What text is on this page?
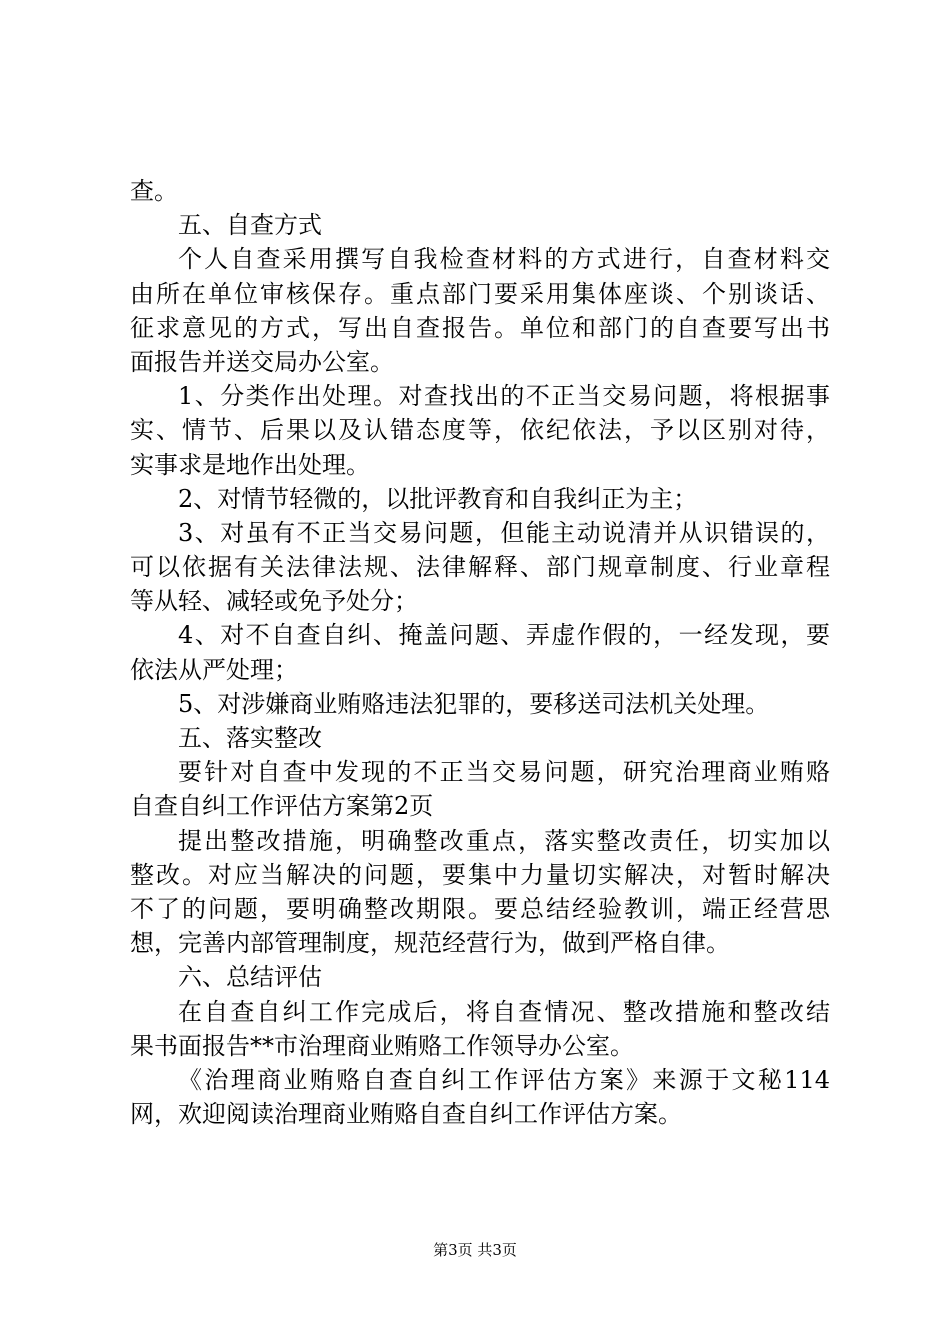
查。
五、自查方式
个人自查采用撰写自我检查材料的方式进行，自查材料交
由所在单位审核保存。重点部门要采用集体座谈、个别谈话、
征求意见的方式，写出自查报告。单位和部门的自查要写出书
面报告并送交局办公室。
1、分类作出处理。对查找出的不正当交易问题，将根据事
实、情节、后果以及认错态度等，依纪依法，予以区别对待，
实事求是地作出处理。
2、对情节轻微的，以批评教育和自我纠正为主；
3、对虽有不正当交易问题，但能主动说清并从识错误的，
可以依据有关法律法规、法律解释、部门规章制度、行业章程
等从轻、减轻或免予处分；
4、对不自查自纠、掩盖问题、弄虚作假的，一经发现，要
依法从严处理；
5、对涉嫌商业贿赂违法犯罪的，要移送司法机关处理。
五、落实整改
要针对自查中发现的不正当交易问题，研究治理商业贿赂
自查自纠工作评估方案第2页
提出整改措施，明确整改重点，落实整改责任，切实加以
整改。对应当解决的问题，要集中力量切实解决，对暂时解决
不了的问题，要明确整改期限。要总结经验教训，端正经营思
想，完善内部管理制度，规范经营行为，做到严格自律。
六、总结评估
在自查自纠工作完成后，将自查情况、整改措施和整改结
果书面报告**市治理商业贿赂工作领导办公室。
《治理商业贿赂自查自纠工作评估方案》来源于文秘114
网，欢迎阅读治理商业贿赂自查自纠工作评估方案。
第3页 共3页
